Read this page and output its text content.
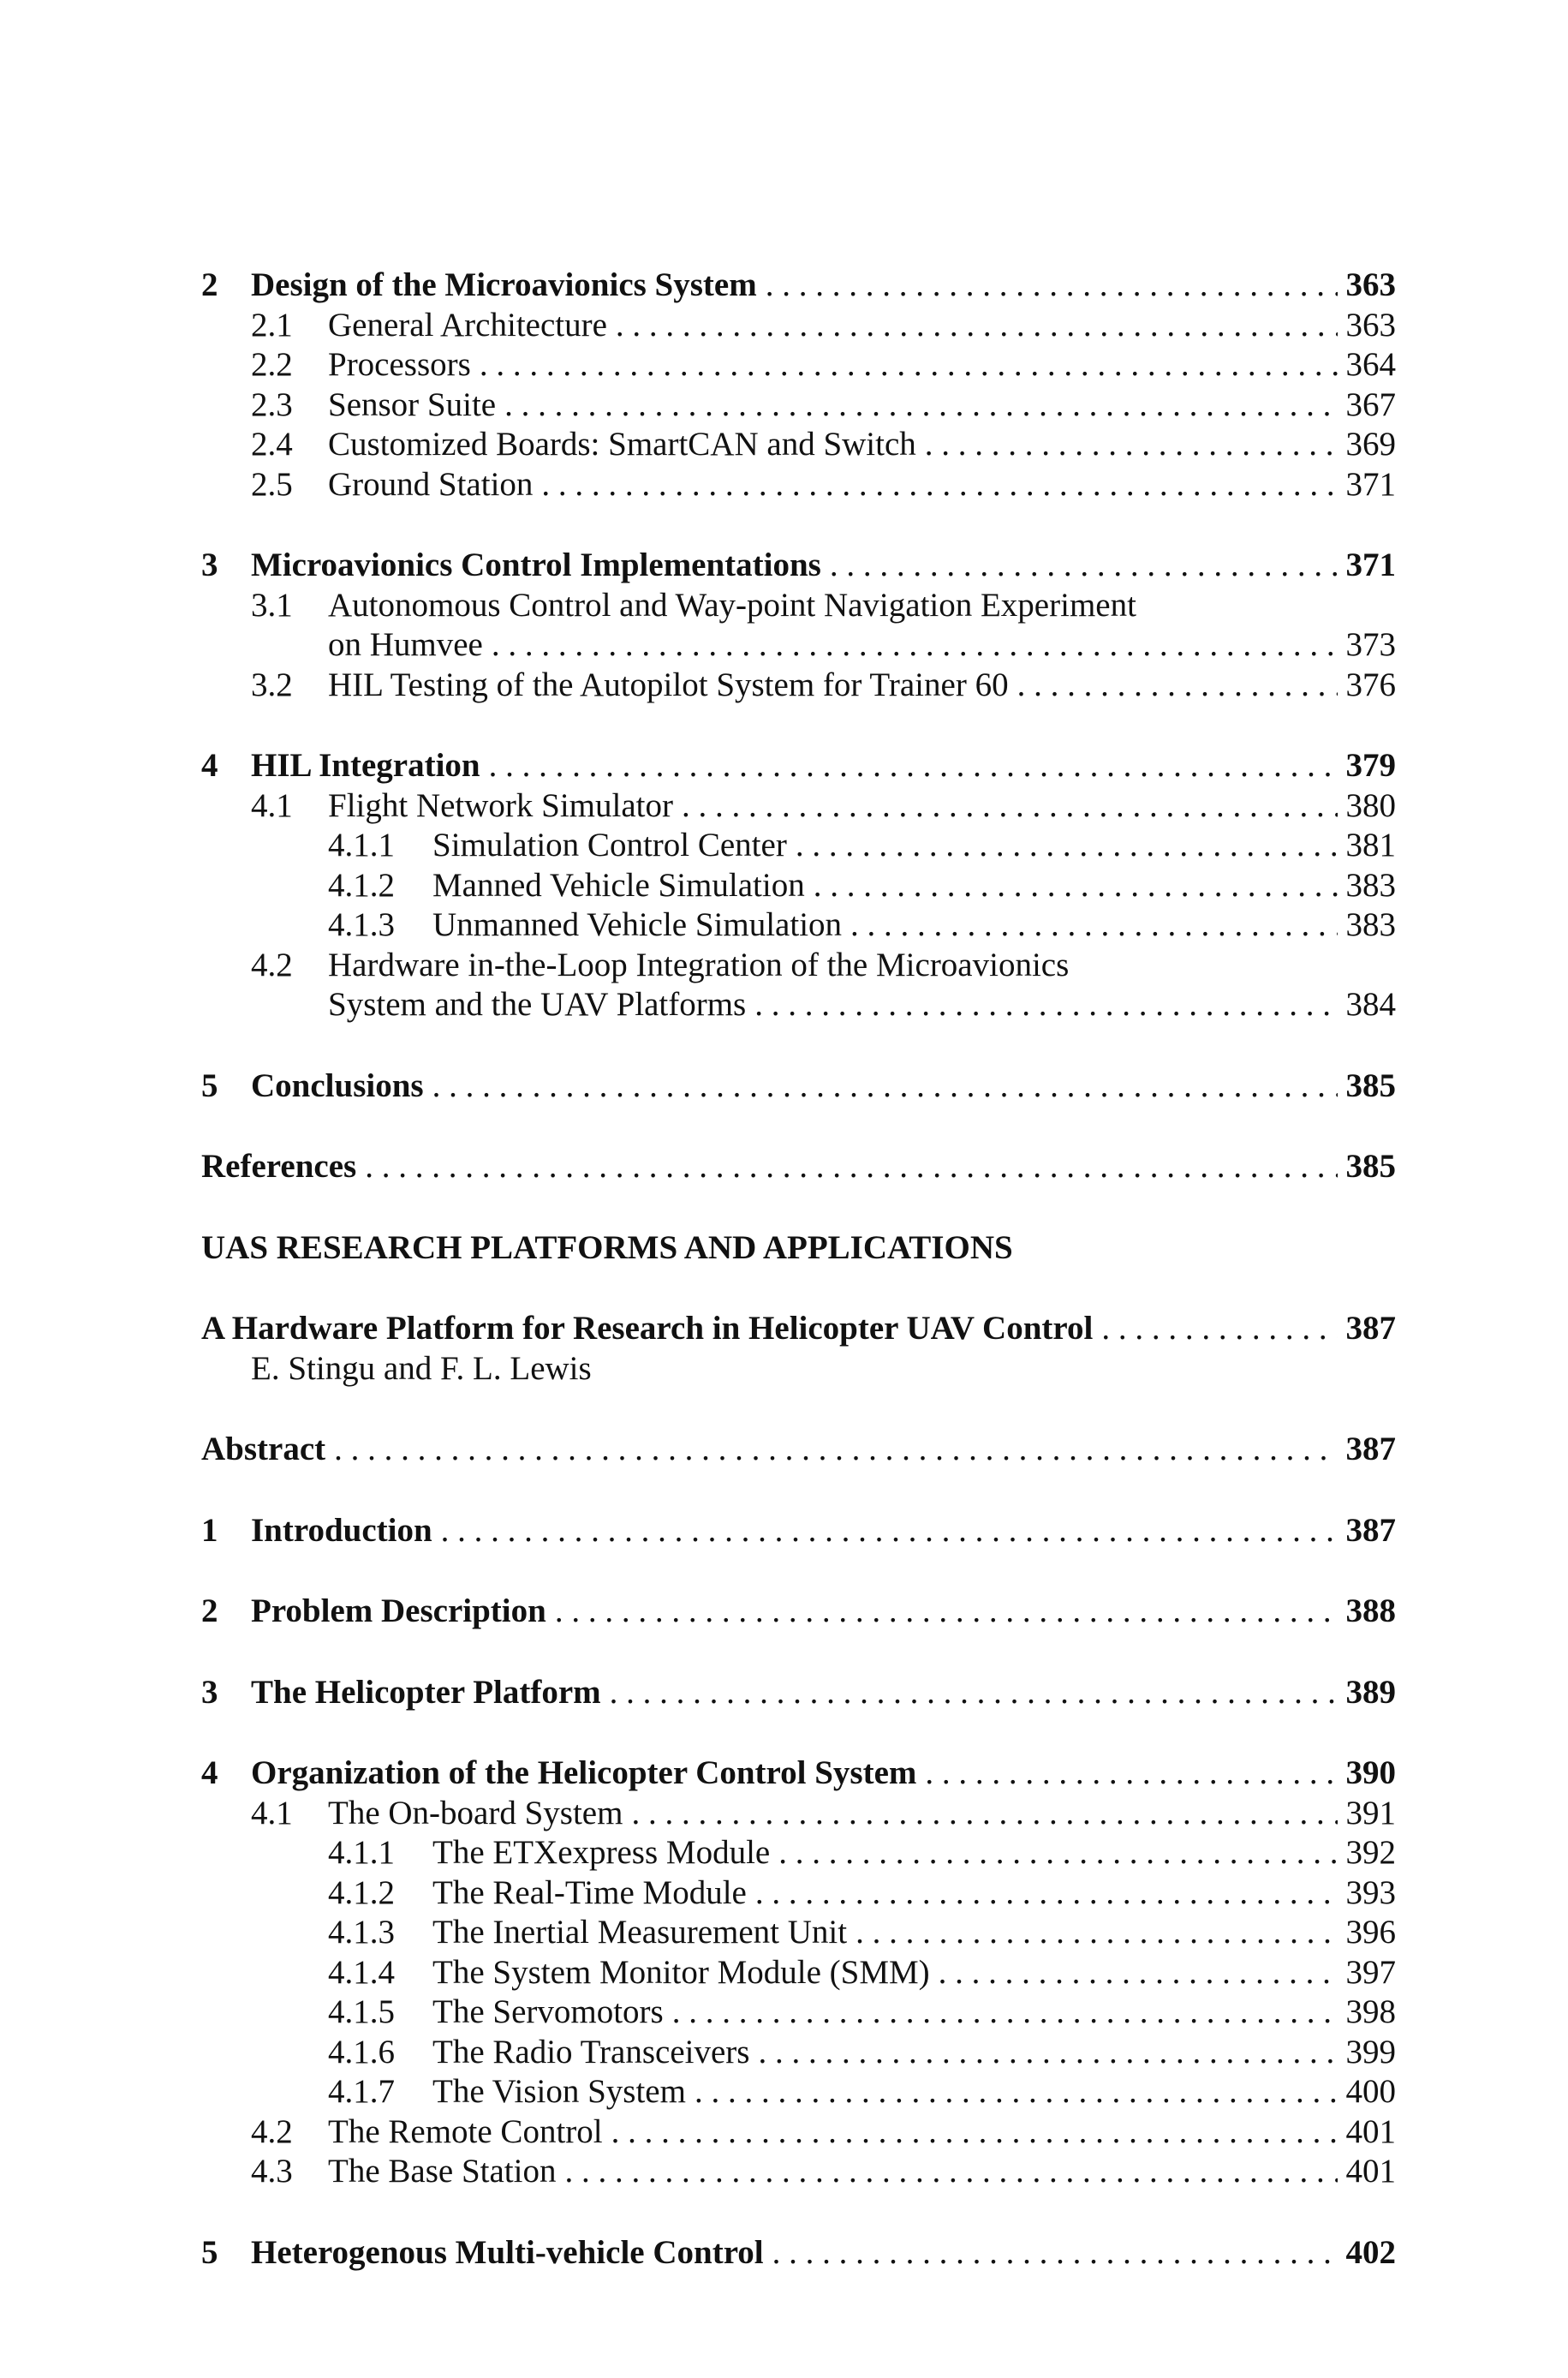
2 Design of the Microavionics System . . .	363
2.1	General Architecture . . .	363
2.2	Processors . . .	364
2.3	Sensor Suite . . .	367
2.4	Customized Boards: SmartCAN and Switch . . .	369
2.5	Ground Station . . .	371
3 Microavionics Control Implementations . . .	371
3.1	Autonomous Control and Way-point Navigation Experiment
on Humvee . . .	373
3.2	HIL Testing of the Autopilot System for Trainer 60 . . .	376
4 HIL Integration . . .	379
4.1	Flight Network Simulator . . .	380
4.1.1	Simulation Control Center . . .	381
4.1.2	Manned Vehicle Simulation . . .	383
4.1.3	Unmanned Vehicle Simulation . . .	383
4.2	Hardware in-the-Loop Integration of the Microavionics
System and the UAV Platforms . . .	384
5 Conclusions . . .	385
References . . .	385
UAS RESEARCH PLATFORMS AND APPLICATIONS
A Hardware Platform for Research in Helicopter UAV Control . . .	387
E. Stingu and F. L. Lewis
Abstract . . .	387
1 Introduction . . .	387
2 Problem Description . . .	388
3 The Helicopter Platform . . .	389
4 Organization of the Helicopter Control System . . .	390
4.1	The On-board System . . .	391
4.1.1	The ETXexpress Module . . .	392
4.1.2	The Real-Time Module . . .	393
4.1.3	The Inertial Measurement Unit . . .	396
4.1.4	The System Monitor Module (SMM) . . .	397
4.1.5	The Servomotors . . .	398
4.1.6	The Radio Transceivers . . .	399
4.1.7	The Vision System . . .	400
4.2	The Remote Control . . .	401
4.3	The Base Station . . .	401
5 Heterogenous Multi-vehicle Control . . .	402
